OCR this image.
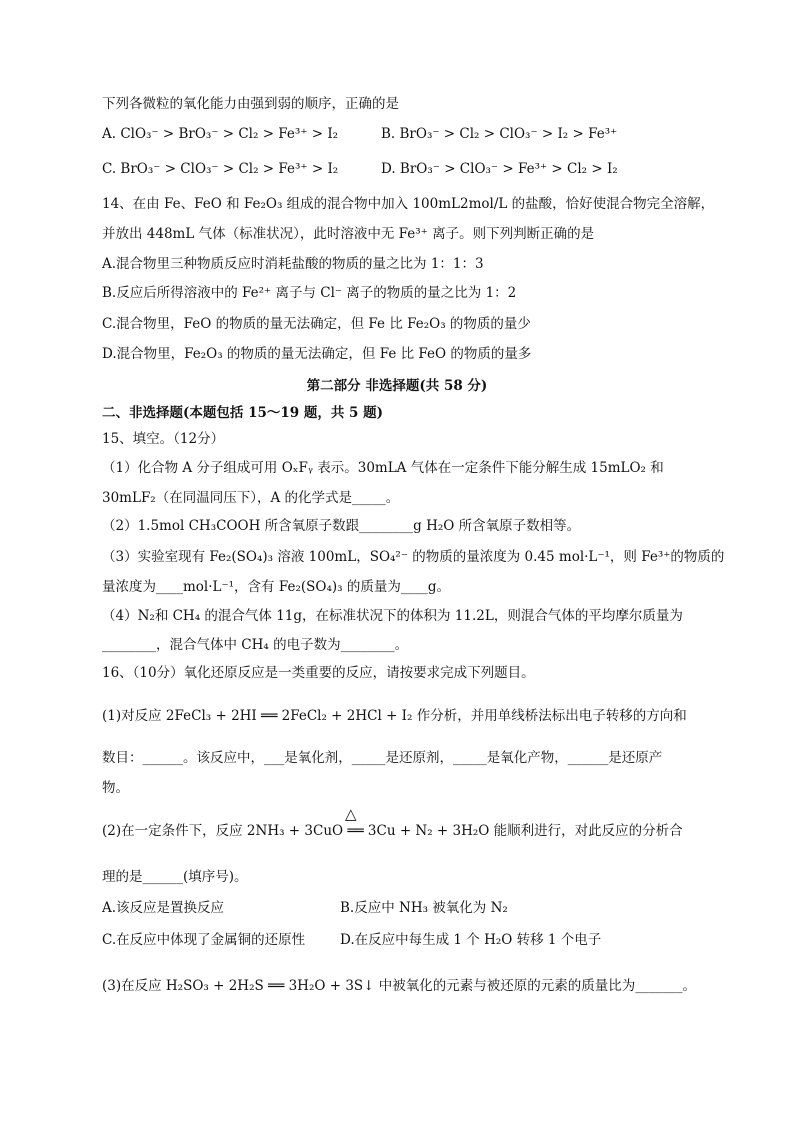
下列各微粒的氧化能力由强到弱的顺序，正确的是
A. ClO₃⁻ > BrO₃⁻ > Cl₂ > Fe³⁺ > I₂	B. BrO₃⁻ > Cl₂ > ClO₃⁻ > I₂ > Fe³⁺
C. BrO₃⁻ > ClO₃⁻ > Cl₂ > Fe³⁺ > I₂	D. BrO₃⁻ > ClO₃⁻ > Fe³⁺ > Cl₂ > I₂
14、在由 Fe、FeO 和 Fe₂O₃ 组成的混合物中加入 100mL2mol/L 的盐酸，恰好使混合物完全溶解，
并放出 448mL 气体（标准状况），此时溶液中无 Fe³⁺ 离子。则下列判断正确的是
A.混合物里三种物质反应时消耗盐酸的物质的量之比为 1：1：3
B.反应后所得溶液中的 Fe²⁺ 离子与 Cl⁻ 离子的物质的量之比为 1：2
C.混合物里，FeO 的物质的量无法确定，但 Fe 比 Fe₂O₃ 的物质的量少
D.混合物里，Fe₂O₃ 的物质的量无法确定，但 Fe 比 FeO 的物质的量多
第二部分 非选择题(共 58 分)
二、非选择题(本题包括 15～19 题，共 5 题)
15、填空。（12分）
（1）化合物 A 分子组成可用 OₓFᵧ 表示。30mLA 气体在一定条件下能分解生成 15mLO₂ 和
30mLF₂（在同温同压下），A 的化学式是_____。
（2）1.5mol CH₃COOH 所含氧原子数跟________g H₂O 所含氧原子数相等。
（3）实验室现有 Fe₂(SO₄)₃ 溶液 100mL，SO₄²⁻ 的物质的量浓度为 0.45 mol·L⁻¹，则 Fe³⁺的物质的
量浓度为____mol·L⁻¹，含有 Fe₂(SO₄)₃ 的质量为____g。
（4）N₂和 CH₄ 的混合气体 11g，在标准状况下的体积为 11.2L，则混合气体的平均摩尔质量为
________，混合气体中 CH₄ 的电子数为________。
16、（10分）氧化还原反应是一类重要的反应，请按要求完成下列题目。
(1)对反应 2FeCl₃ + 2HI ══ 2FeCl₂ + 2HCl + I₂ 作分析，并用单线桥法标出电子转移的方向和
数目：______。该反应中，___是氧化剂，_____是还原剂，_____是氧化产物，______是还原产
物。
△
(2)在一定条件下，反应 2NH₃ + 3CuO ══ 3Cu + N₂ + 3H₂O 能顺利进行，对此反应的分析合
理的是______(填序号)。
A.该反应是置换反应	B.反应中 NH₃ 被氧化为 N₂
C.在反应中体现了金属铜的还原性	D.在反应中每生成 1 个 H₂O 转移 1 个电子
(3)在反应 H₂SO₃ + 2H₂S ══ 3H₂O + 3S↓ 中被氧化的元素与被还原的元素的质量比为_______。
